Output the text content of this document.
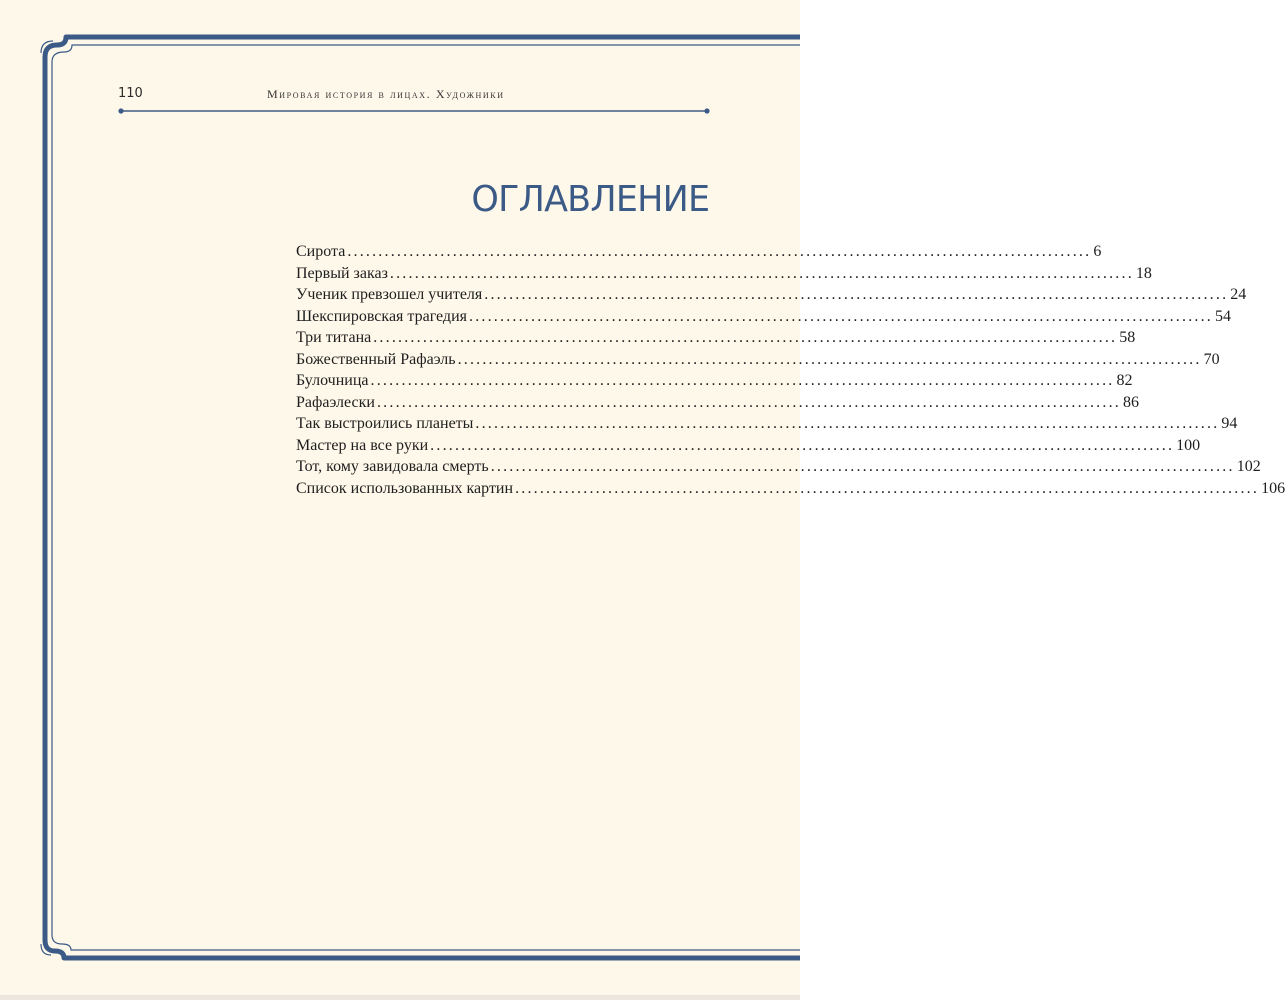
110	Мировая история в лицах. Художники
ОГЛАВЛЕНИЕ
Сирота ........................................................................................................................ 6
Первый заказ ........................................................................................................................ 18
Ученик превзошел учителя ........................................................................................................................ 24
Шекспировская трагедия ........................................................................................................................ 54
Три титана ........................................................................................................................ 58
Божественный Рафаэль ........................................................................................................................ 70
Булочница ........................................................................................................................ 82
Рафаэлески ........................................................................................................................ 86
Так выстроились планеты ........................................................................................................................ 94
Мастер на все руки ........................................................................................................................ 100
Тот, кому завидовала смерть ........................................................................................................................ 102
Список использованных картин ........................................................................................................................ 106
